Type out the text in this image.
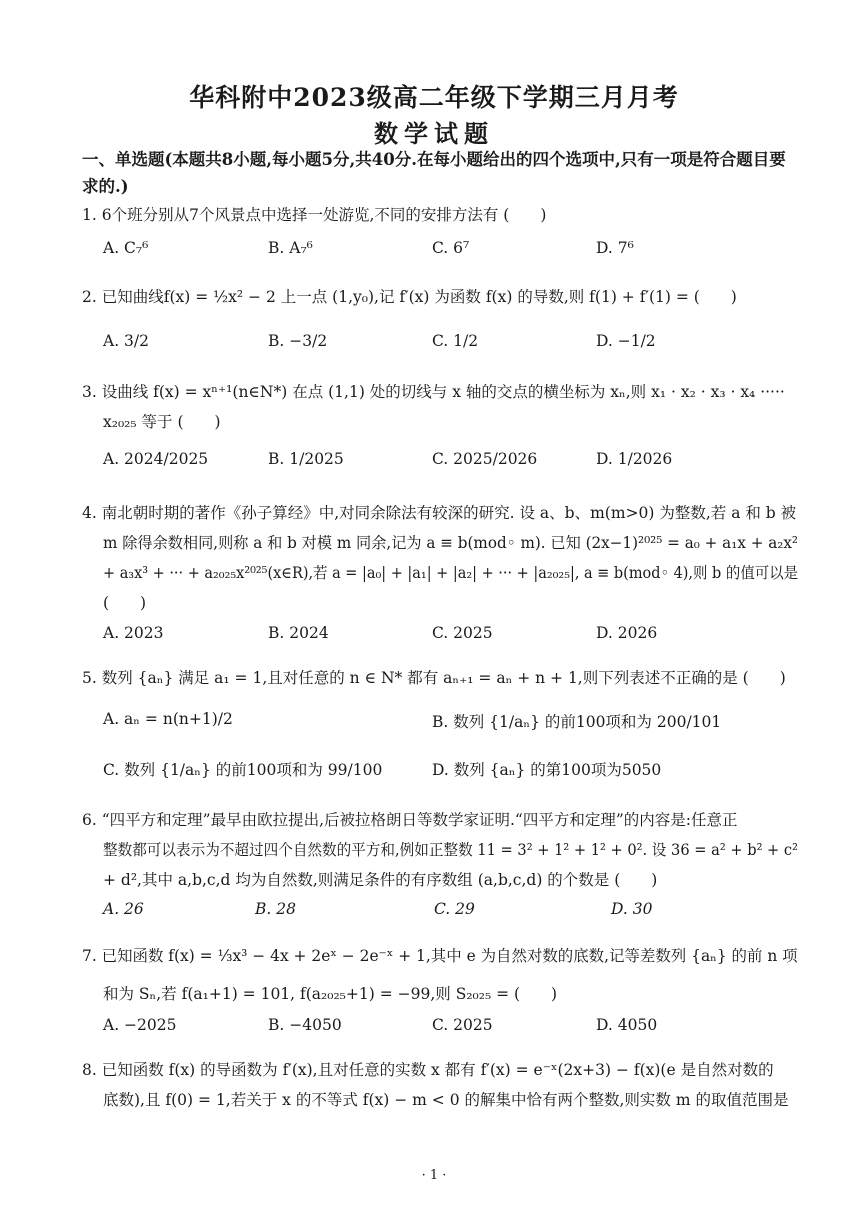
华科附中2023级高二年级下学期三月月考
数学试题
一、单选题(本题共8小题,每小题5分,共40分.在每小题给出的四个选项中,只有一项是符合题目要求的.)
1. 6个班分别从7个风景点中选择一处游览,不同的安排方法有 (　　)
A. C₇⁶	B. A₇⁶	C. 6⁷	D. 7⁶
2. 已知曲线f(x) = ½x² − 2 上一点 (1,y₀),记 f′(x) 为函数 f(x) 的导数,则 f(1) + f′(1) = (　　)
A. 3/2	B. −3/2	C. 1/2	D. −1/2
3. 设曲线 f(x) = xⁿ⁺¹(n∈N*) 在点 (1,1) 处的切线与 x 轴的交点的横坐标为 xₙ,则 x₁ · x₂ · x₃ · x₄ ·····
x₂₀₂₅ 等于 (　　)
A. 2024/2025	B. 1/2025	C. 2025/2026	D. 1/2026
4. 南北朝时期的著作《孙子算经》中,对同余除法有较深的研究. 设 a、b、m(m>0) 为整数,若 a 和 b 被
m 除得余数相同,则称 a 和 b 对模 m 同余,记为 a ≡ b(mod◦ m). 已知 (2x−1)²⁰²⁵ = a₀ + a₁x + a₂x²
+ a₃x³ + ··· + a₂₀₂₅x²⁰²⁵(x∈R),若 a = |a₀| + |a₁| + |a₂| + ··· + |a₂₀₂₅|, a ≡ b(mod◦ 4),则 b 的值可以是
(　　)
A. 2023	B. 2024	C. 2025	D. 2026
5. 数列 {aₙ} 满足 a₁ = 1,且对任意的 n ∈ N* 都有 aₙ₊₁ = aₙ + n + 1,则下列表述不正确的是 (　　)
A. aₙ = n(n+1)/2	B. 数列 {1/aₙ} 的前100项和为 200/101
C. 数列 {1/aₙ} 的前100项和为 99/100	D. 数列 {aₙ} 的第100项为5050
6. “四平方和定理”最早由欧拉提出,后被拉格朗日等数学家证明.“四平方和定理”的内容是:任意正
整数都可以表示为不超过四个自然数的平方和,例如正整数 11 = 3² + 1² + 1² + 0². 设 36 = a² + b² + c²
+ d²,其中 a,b,c,d 均为自然数,则满足条件的有序数组 (a,b,c,d) 的个数是 (　　)
A. 26	B. 28	C. 29	D. 30
7. 已知函数 f(x) = ⅓x³ − 4x + 2eˣ − 2e⁻ˣ + 1,其中 e 为自然对数的底数,记等差数列 {aₙ} 的前 n 项
和为 Sₙ,若 f(a₁+1) = 101, f(a₂₀₂₅+1) = −99,则 S₂₀₂₅ = (　　)
A. −2025	B. −4050	C. 2025	D. 4050
8. 已知函数 f(x) 的导函数为 f′(x),且对任意的实数 x 都有 f′(x) = e⁻ˣ(2x+3) − f(x)(e 是自然对数的
底数),且 f(0) = 1,若关于 x 的不等式 f(x) − m < 0 的解集中恰有两个整数,则实数 m 的取值范围是
· 1 ·
